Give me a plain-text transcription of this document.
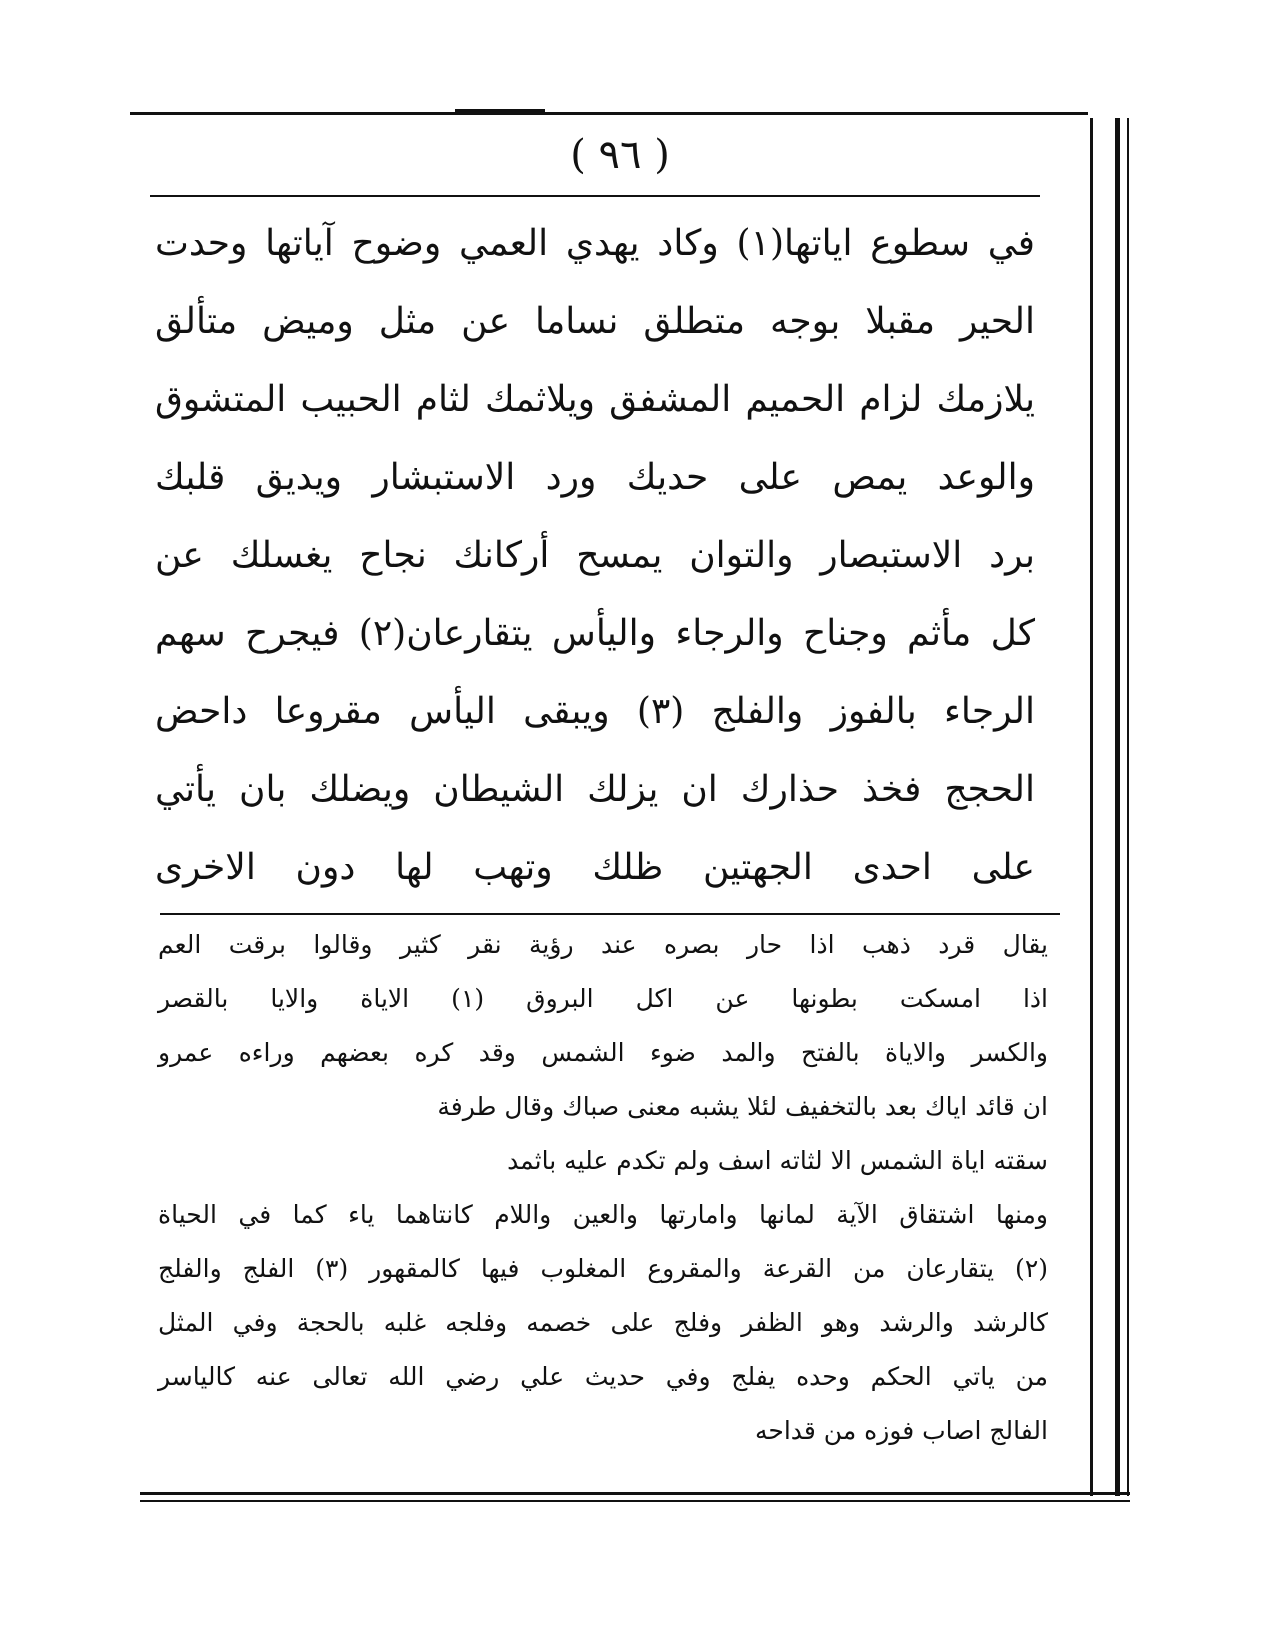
( ٩٦ )
في سطوع اياتها(١) وكاد يهدي العمي وضوح آياتها وحدت
الحير مقبلا بوجه متطلق نساما عن مثل وميض متألق
يلازمك لزام الحميم المشفق ويلاثمك لثام الحبيب المتشوق
والوعد يمص على حديك ورد الاستبشار ويديق قلبك
برد الاستبصار والتوان يمسح أركانك نجاح يغسلك عن
كل مأثم وجناح والرجاء واليأس يتقارعان(٢) فيجرح سهم
الرجاء بالفوز والفلج (٣) ويبقى اليأس مقروعا داحض
الحجج فخذ حذارك ان يزلك الشيطان ويضلك بان يأتي
على احدى الجهتين ظلك وتهب لها دون الاخرى
يقال قرد ذهب اذا حار بصره عند رؤية نقر كثير وقالوا برقت العم
اذا امسكت بطونها عن اكل البروق (١) الاياة والايا بالقصر
والكسر والاياة بالفتح والمد ضوء الشمس وقد كره بعضهم وراءه عمرو
ان قائد اياك بعد بالتخفيف لئلا يشبه معنى صباك وقال طرفة
سقته اياة الشمس الا لثاته اسف ولم تكدم عليه باثمد
ومنها اشتقاق الآية لمانها وامارتها والعين واللام كانتاهما ياء كما في الحياة
(٢) يتقارعان من القرعة والمقروع المغلوب فيها كالمقهور (٣) الفلج والفلج
كالرشد والرشد وهو الظفر وفلج على خصمه وفلجه غلبه بالحجة وفي المثل
من ياتي الحكم وحده يفلج وفي حديث علي رضي الله تعالى عنه كالياسر
الفالج اصاب فوزه من قداحه
